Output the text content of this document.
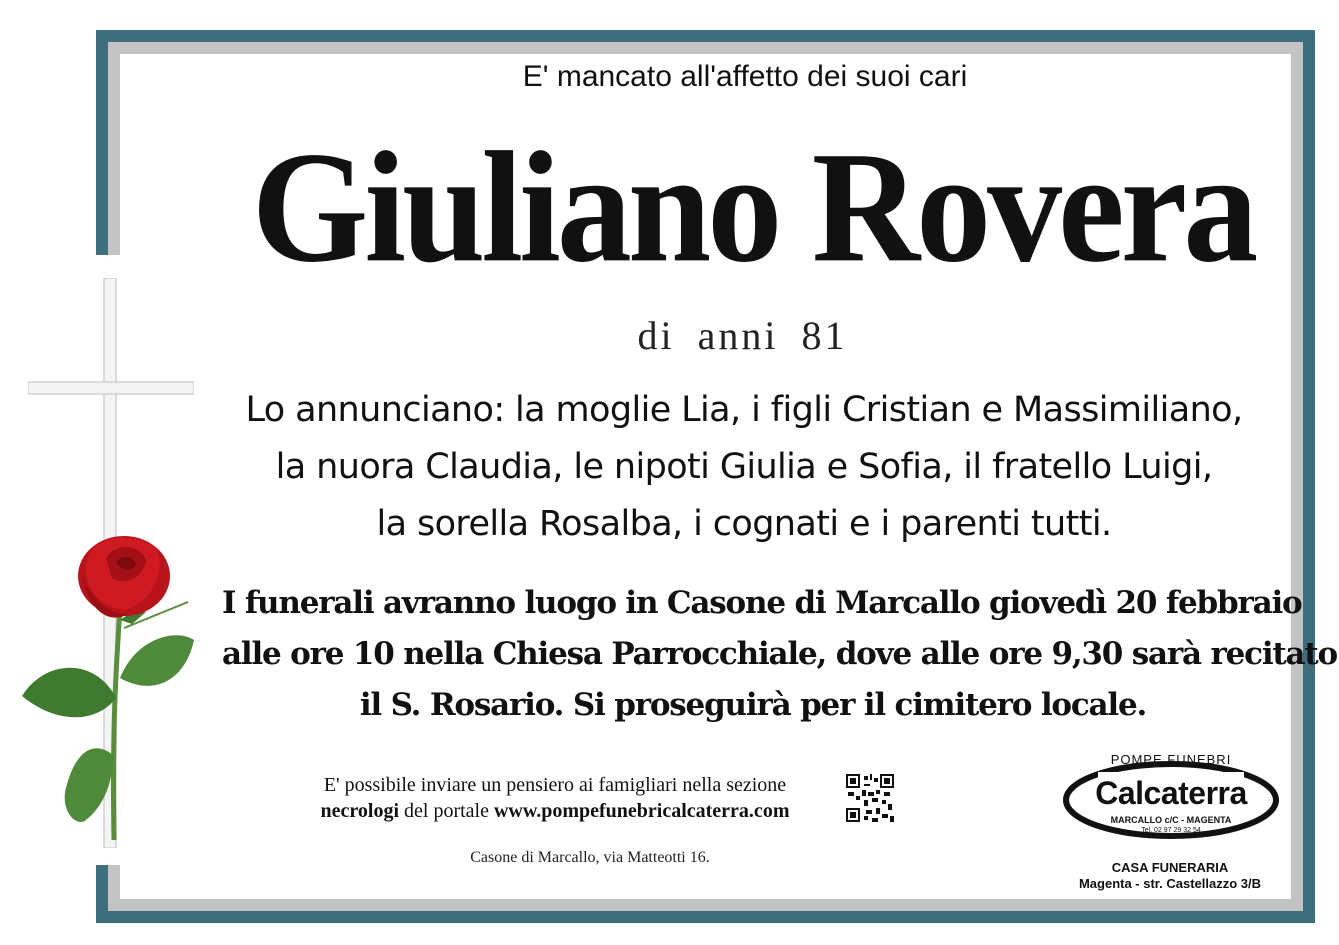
E' mancato all'affetto dei suoi cari

Giuliano Rovera
di anni 81
Lo annunciano: la moglie Lia, i figli Cristian e Massimiliano,
la nuora Claudia, le nipoti Giulia e Sofia, il fratello Luigi,
la sorella Rosalba, i cognati e i parenti tutti.
I funerali avranno luogo in Casone di Marcallo giovedì 20 febbraio
alle ore 10 nella Chiesa Parrocchiale, dove alle ore 9,30 sarà recitato
il S. Rosario. Si proseguirà per il cimitero locale.
E' possibile inviare un pensiero ai famigliari nella sezione
necrologi del portale www.pompefunebricalcaterra.com
Casone di Marcallo, via Matteotti 16.
POMPE FUNEBRI
Calcaterra
MARCALLO c/C - MAGENTA
Tel. 02 97 29 32 54
CASA FUNERARIA
Magenta - str. Castellazzo 3/B
